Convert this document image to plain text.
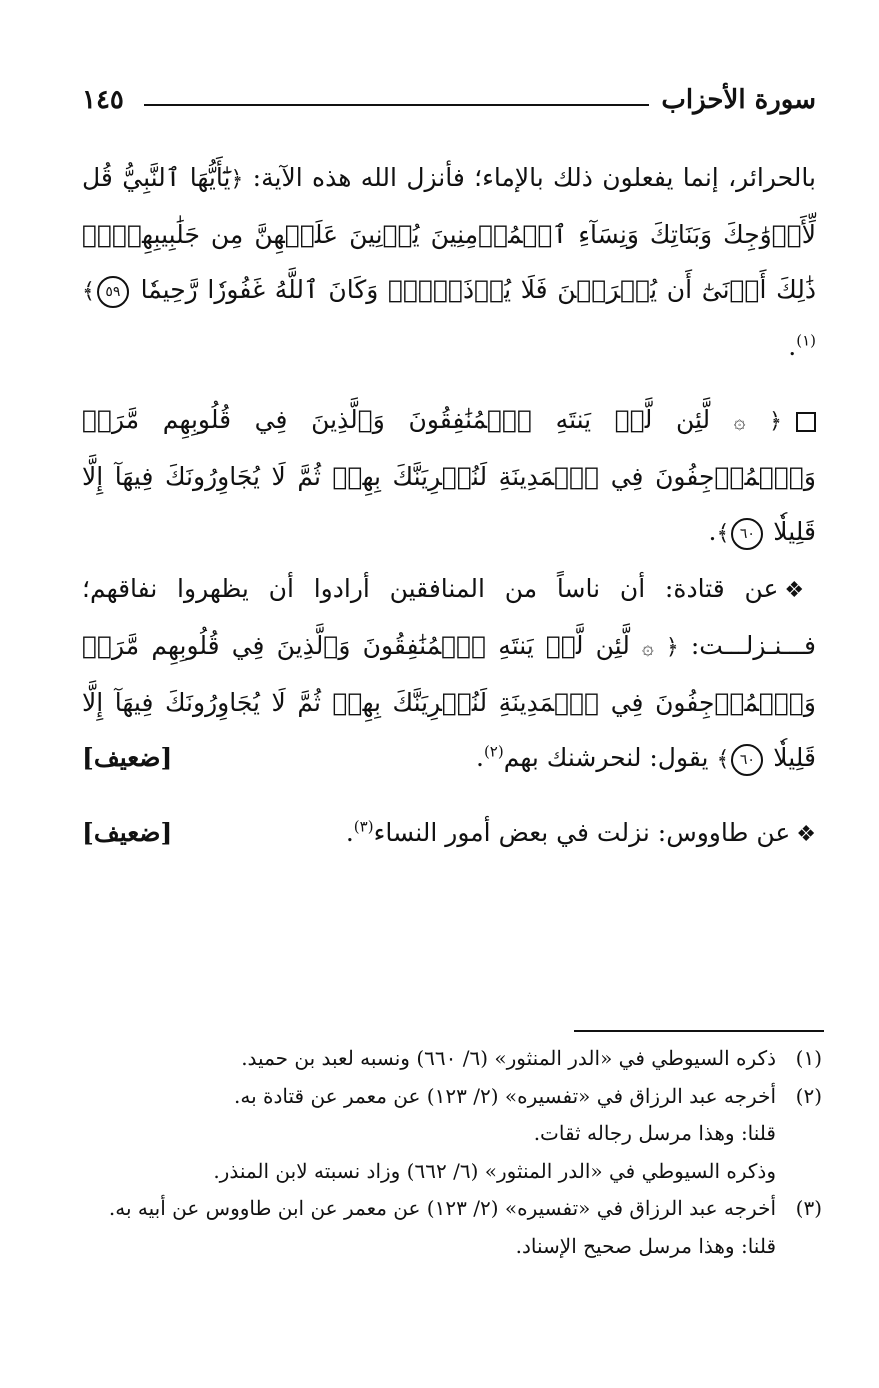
سورة الأحزاب
١٤٥

بالحرائر، إنما يفعلون ذلك بالإماء؛ فأنزل الله هذه الآية: ﴿يَٰٓأَيُّهَا ٱلنَّبِيُّ قُل لِّأَزۡوَٰجِكَ وَبَنَاتِكَ وَنِسَآءِ ٱلۡمُؤۡمِنِينَ يُدۡنِينَ عَلَيۡهِنَّ مِن جَلَٰبِيبِهِنَّۚ ذَٰلِكَ أَدۡنَىٰٓ أَن يُعۡرَفۡنَ فَلَا يُؤۡذَيۡنَۗ وَكَانَ ٱللَّهُ غَفُورٗا رَّحِيمٗا ٥٩﴾$^{(١)}$.

﴿ ۞ لَّئِن لَّمۡ يَنتَهِ ٱلۡمُنَٰفِقُونَ وَٱلَّذِينَ فِي قُلُوبِهِم مَّرَضٞ وَٱلۡمُرۡجِفُونَ فِي ٱلۡمَدِينَةِ لَنُغۡرِيَنَّكَ بِهِمۡ ثُمَّ لَا يُجَاوِرُونَكَ فِيهَآ إِلَّا قَلِيلٗا ٦٠﴾.

❖عن قتادة: أن ناساً من المنافقين أرادوا أن يظهروا نفاقهم؛ فـــنـزلـــت: ﴿ ۞ لَّئِن لَّمۡ يَنتَهِ ٱلۡمُنَٰفِقُونَ وَٱلَّذِينَ فِي قُلُوبِهِم مَّرَضٞ وَٱلۡمُرۡجِفُونَ فِي ٱلۡمَدِينَةِ لَنُغۡرِيَنَّكَ بِهِمۡ ثُمَّ لَا يُجَاوِرُونَكَ فِيهَآ إِلَّا قَلِيلٗا ٦٠﴾ يقول: لنحرشنك بهم$^{(٢)}$.
[ضعيف]

❖عن طاووس: نزلت في بعض أمور النساء$^{(٣)}$.
[ضعيف]

(١)ذكره السيوطي في «الدر المنثور» (٦/ ٦٦٠) ونسبه لعبد بن حميد.

(٢)أخرجه عبد الرزاق في «تفسيره» (٢/ ١٢٣) عن معمر عن قتادة به.

قلنا: وهذا مرسل رجاله ثقات.

وذكره السيوطي في «الدر المنثور» (٦/ ٦٦٢) وزاد نسبته لابن المنذر.

(٣)أخرجه عبد الرزاق في «تفسيره» (٢/ ١٢٣) عن معمر عن ابن طاووس عن أبيه به.

قلنا: وهذا مرسل صحيح الإسناد.
